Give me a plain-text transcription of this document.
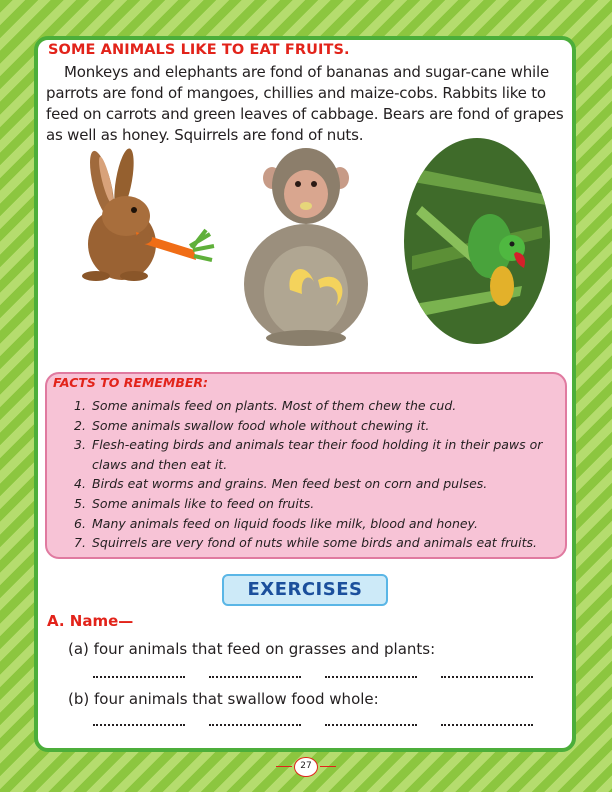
SOME ANIMALS LIKE TO EAT FRUITS.

Monkeys and elephants are fond of bananas and sugar-cane while parrots are fond of mangoes, chillies and maize-cobs. Rabbits like to feed on carrots and green leaves of cabbage. Bears are fond of grapes as well as honey. Squirrels are fond of nuts.

FACTS TO REMEMBER:
1. Some animals feed on plants. Most of them chew the cud.
2. Some animals swallow food whole without chewing it.
3. Flesh-eating birds and animals tear their food holding it in their paws or claws and then eat it.
4. Birds eat worms and grains. Men feed best on corn and pulses.
5. Some animals like to feed on fruits.
6. Many animals feed on liquid foods like milk, blood and honey.
7. Squirrels are very fond of nuts while some birds and animals eat fruits.
EXERCISES
A. Name—

(a) four animals that feed on grasses and plants:

(b) four animals that swallow food whole:

27
